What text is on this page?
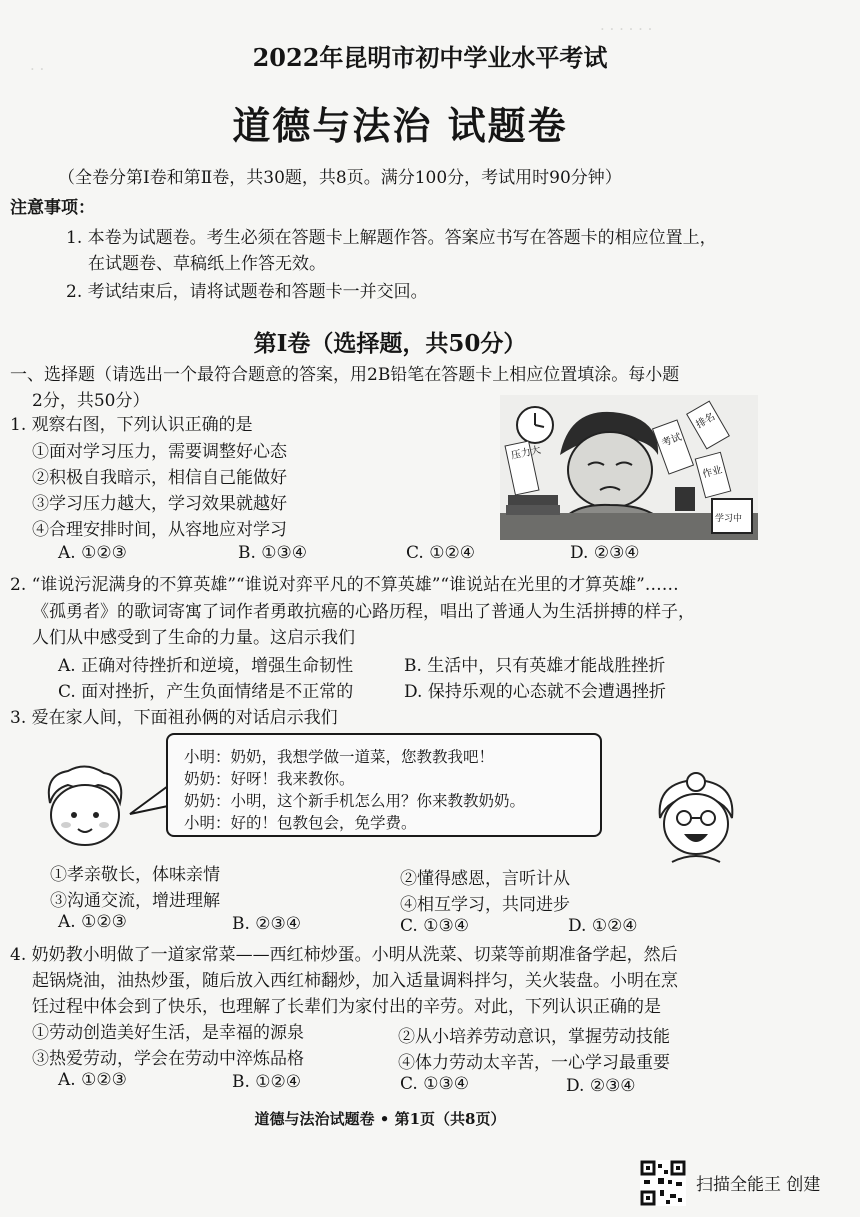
· · · · · ·
· ·	2022年昆明市初中学业水平考试
道德与法治 试题卷
（全卷分第Ⅰ卷和第Ⅱ卷，共30题，共8页。满分100分，考试用时90分钟）
注意事项：
1. 本卷为试题卷。考生必须在答题卡上解题作答。答案应书写在答题卡的相应位置上，
在试题卷、草稿纸上作答无效。
2. 考试结束后，请将试题卷和答题卡一并交回。
第Ⅰ卷（选择题，共50分）
一、选择题（请选出一个最符合题意的答案，用2B铅笔在答题卡上相应位置填涂。每小题
2分，共50分）
1. 观察右图，下列认识正确的是
①面对学习压力，需要调整好心态
②积极自我暗示，相信自己能做好
③学习压力越大，学习效果就越好
④合理安排时间，从容地应对学习
A. ①②③	B. ①③④	C. ①②④	D. ②③④
压力大
考试
排名
作业
学习中
2. “谁说污泥满身的不算英雄”“谁说对弈平凡的不算英雄”“谁说站在光里的才算英雄”……
《孤勇者》的歌词寄寓了词作者勇敢抗癌的心路历程，唱出了普通人为生活拼搏的样子，
人们从中感受到了生命的力量。这启示我们
A. 正确对待挫折和逆境，增强生命韧性	B. 生活中，只有英雄才能战胜挫折
C. 面对挫折，产生负面情绪是不正常的	D. 保持乐观的心态就不会遭遇挫折
3. 爱在家人间，下面祖孙俩的对话启示我们
小明：奶奶，我想学做一道菜，您教教我吧！
奶奶：好呀！我来教你。
奶奶：小明，这个新手机怎么用？你来教教奶奶。
小明：好的！包教包会，免学费。
①孝亲敬长，体味亲情	②懂得感恩，言听计从
③沟通交流，增进理解	④相互学习，共同进步
A. ①②③	B. ②③④	C. ①③④	D. ①②④
4. 奶奶教小明做了一道家常菜——西红柿炒蛋。小明从洗菜、切菜等前期准备学起，然后
起锅烧油，油热炒蛋，随后放入西红柿翻炒，加入适量调料拌匀，关火装盘。小明在烹
饪过程中体会到了快乐，也理解了长辈们为家付出的辛劳。对此，下列认识正确的是
①劳动创造美好生活，是幸福的源泉	②从小培养劳动意识，掌握劳动技能
③热爱劳动，学会在劳动中淬炼品格	④体力劳动太辛苦，一心学习最重要
A. ①②③	B. ①②④	C. ①③④	D. ②③④
道德与法治试题卷 • 第1页（共8页）
扫描全能王 创建
